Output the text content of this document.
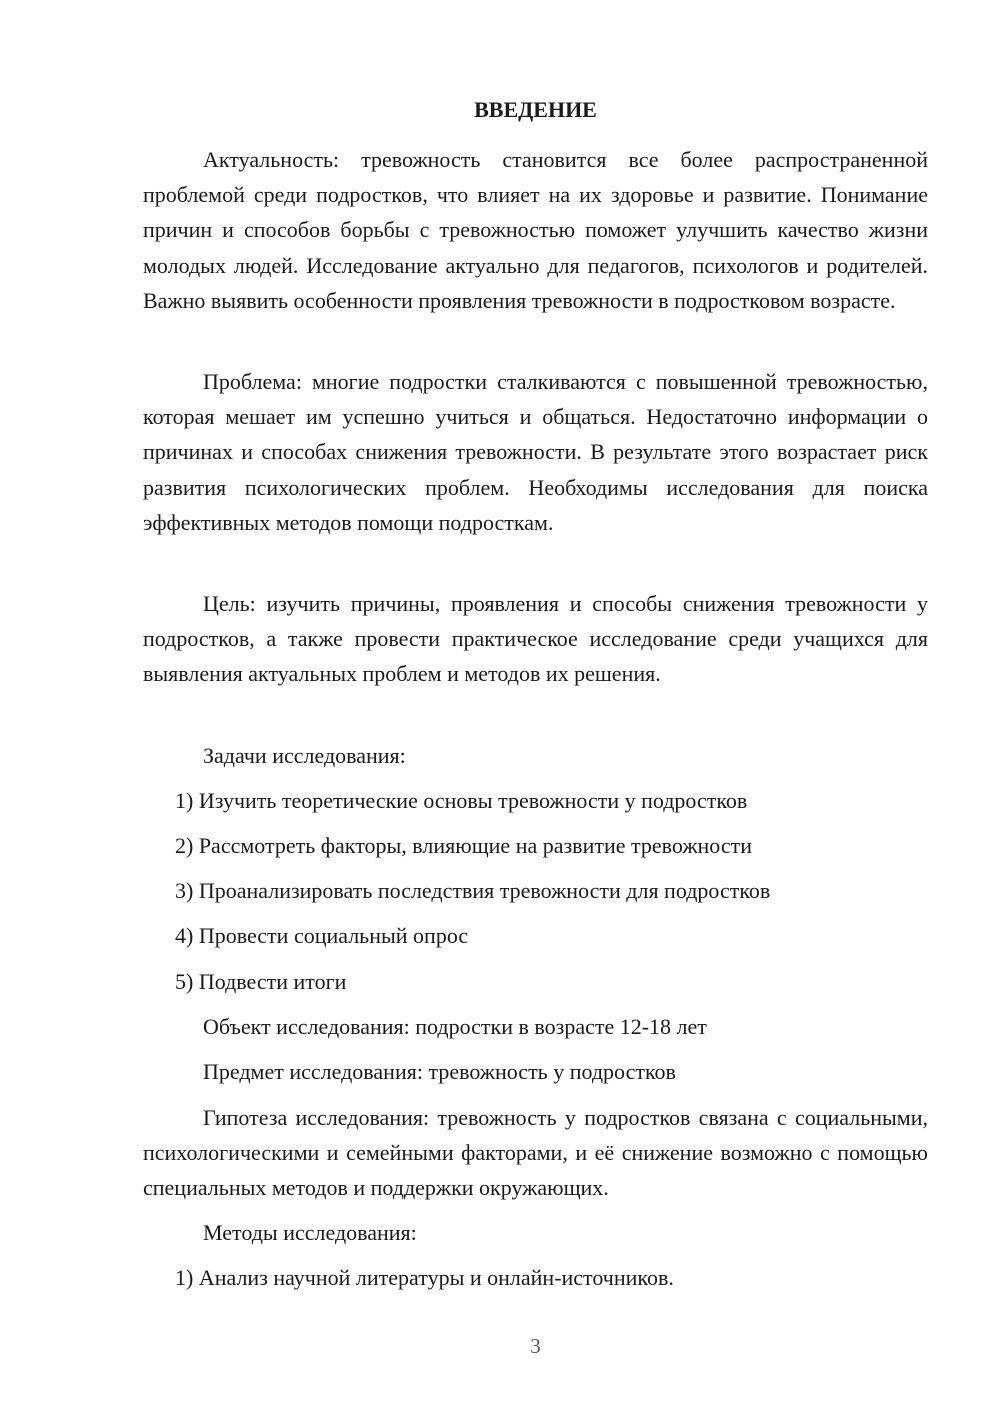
ВВЕДЕНИЕ

Актуальность: тревожность становится все более распространенной проблемой среди подростков, что влияет на их здоровье и развитие. Понимание причин и способов борьбы с тревожностью поможет улучшить качество жизни молодых людей. Исследование актуально для педагогов, психологов и родителей. Важно выявить особенности проявления тревожности в подростковом возрасте.

Проблема: многие подростки сталкиваются с повышенной тревожностью, которая мешает им успешно учиться и общаться. Недостаточно информации о причинах и способах снижения тревожности. В результате этого возрастает риск развития психологических проблем. Необходимы исследования для поиска эффективных методов помощи подросткам.

Цель: изучить причины, проявления и способы снижения тревожности у подростков, а также провести практическое исследование среди учащихся для выявления актуальных проблем и методов их решения.

Задачи исследования:
1) Изучить теоретические основы тревожности у подростков
2) Рассмотреть факторы, влияющие на развитие тревожности
3) Проанализировать последствия тревожности для подростков
4) Провести социальный опрос
5) Подвести итоги
Объект исследования: подростки в возрасте 12-18 лет
Предмет исследования: тревожность у подростков

Гипотеза исследования: тревожность у подростков связана с социальными, психологическими и семейными факторами, и её снижение возможно с помощью специальных методов и поддержки окружающих.

Методы исследования:
1) Анализ научной литературы и онлайн-источников.
3
